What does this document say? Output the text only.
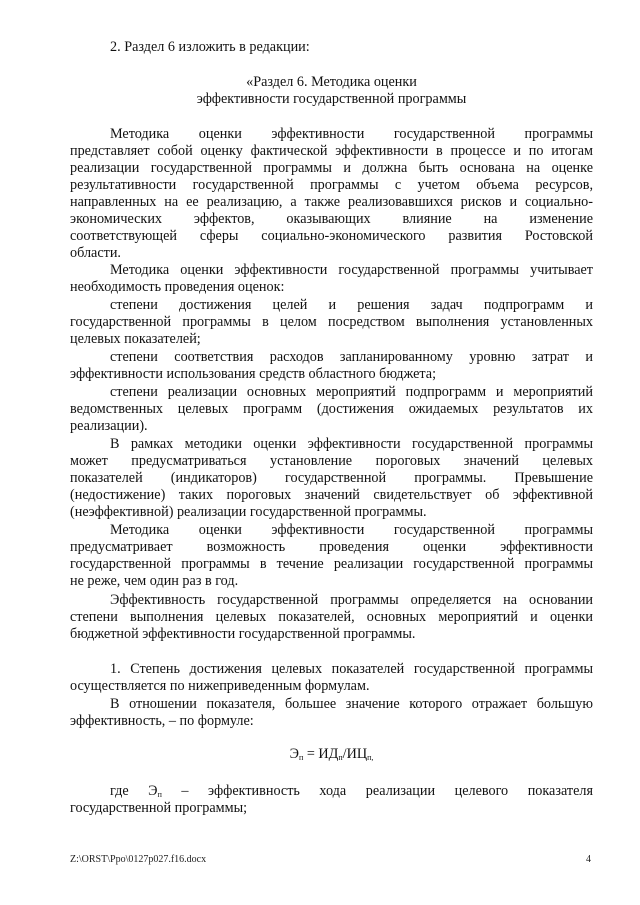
2. Раздел 6 изложить в редакции:
«Раздел 6. Методика оценки
эффективности государственной программы
Методика оценки эффективности государственной программы
представляет собой оценку фактической эффективности в процессе и по итогам
реализации государственной программы и должна быть основана на оценке
результативности государственной программы с учетом объема ресурсов,
направленных на ее реализацию, а также реализовавшихся рисков и социально-
экономических эффектов, оказывающих влияние на изменение
соответствующей сферы социально-экономического развития Ростовской
области.
Методика оценки эффективности государственной программы учитывает
необходимость проведения оценок:
степени достижения целей и решения задач подпрограмм и
государственной программы в целом посредством выполнения установленных
целевых показателей;
степени соответствия расходов запланированному уровню затрат и
эффективности использования средств областного бюджета;
степени реализации основных мероприятий подпрограмм и мероприятий
ведомственных целевых программ (достижения ожидаемых результатов их
реализации).
В рамках методики оценки эффективности государственной программы
может предусматриваться установление пороговых значений целевых
показателей (индикаторов) государственной программы. Превышение
(недостижение) таких пороговых значений свидетельствует об эффективной
(неэффективной) реализации государственной программы.
Методика оценки эффективности государственной программы
предусматривает возможность проведения оценки эффективности
государственной программы в течение реализации государственной программы
не реже, чем один раз в год.
Эффективность государственной программы определяется на основании
степени выполнения целевых показателей, основных мероприятий и оценки
бюджетной эффективности государственной программы.
1. Степень достижения целевых показателей государственной программы
осуществляется по нижеприведенным формулам.
В отношении показателя, большее значение которого отражает большую
эффективность, – по формуле:
$Э_п = ИД_п/ИЦ_{п,}$
где $Э_п$ – эффективность хода реализации целевого показателя
государственной программы;
Z:\ORST\Ppo\0127p027.f16.docx	4
